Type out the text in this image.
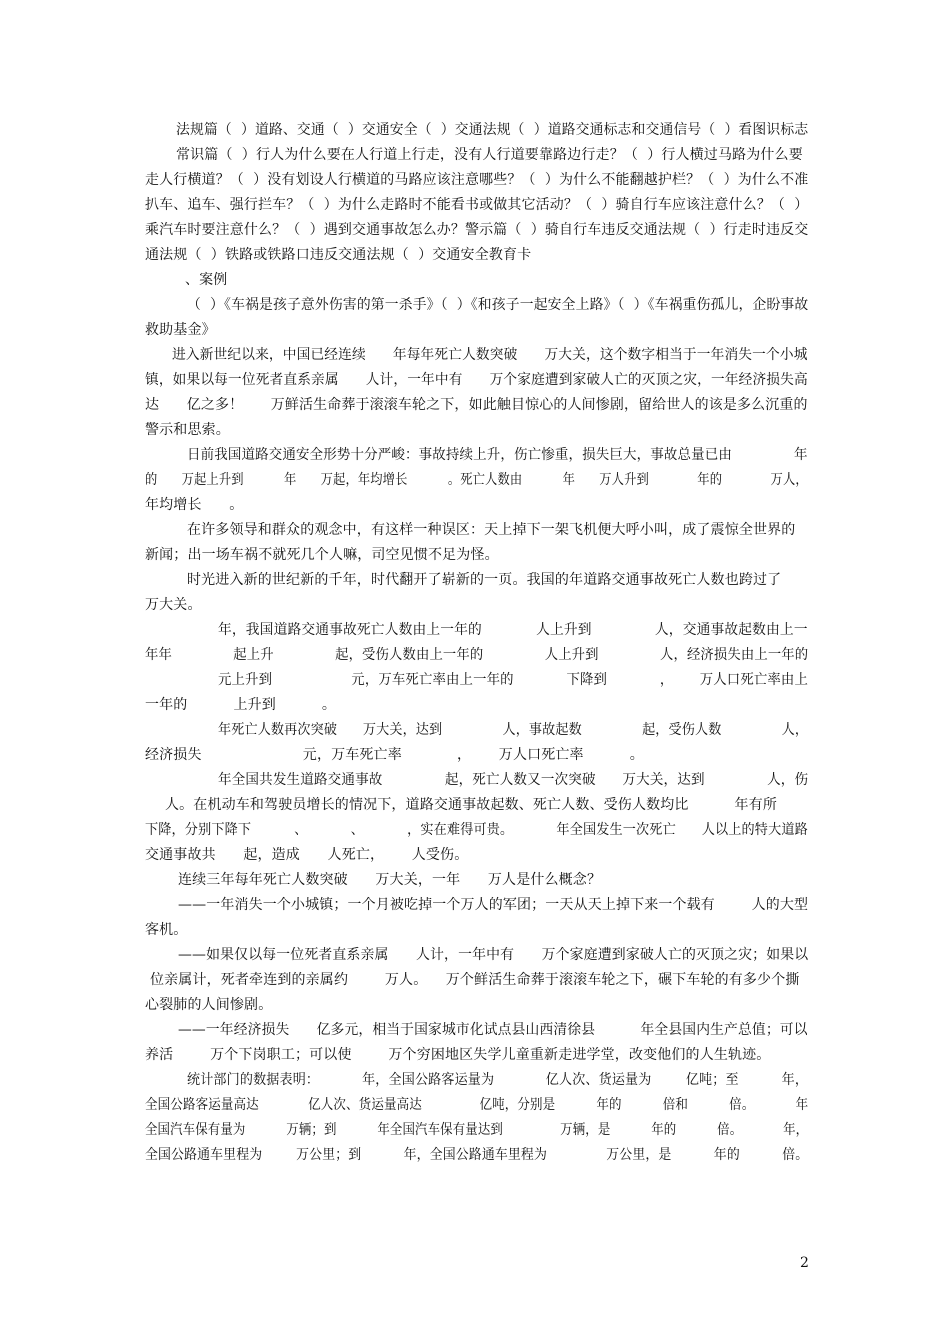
法规篇（  ）道路、交通（  ）交通安全（  ）交通法规（  ）道路交通标志和交通信号（  ）看图识标志
常识篇（  ）行人为什么要在人行道上行走，没有人行道要靠路边行走？（  ）行人横过马路为什么要
走人行横道？（  ）没有划设人行横道的马路应该注意哪些？（  ）为什么不能翻越护栏？（  ）为什么不准
扒车、追车、强行拦车？（  ）为什么走路时不能看书或做其它活动？（  ）骑自行车应该注意什么？（  ）
乘汽车时要注意什么？（  ）遇到交通事故怎么办？警示篇（  ）骑自行车违反交通法规（  ）行走时违反交
通法规（  ）铁路或铁路口违反交通法规（  ）交通安全教育卡
、案例
（  ）《车祸是孩子意外伤害的第一杀手》（  ）《和孩子一起安全上路》（  ）《车祸重伤孤儿，企盼事故
救助基金》
进入新世纪以来，中国已经连续      年每年死亡人数突破      万大关，这个数字相当于一年消失一个小城
镇，如果以每一位死者直系亲属      人计，一年中有      万个家庭遭到家破人亡的灭顶之灾，一年经济损失高
达      亿之多！      万鲜活生命葬于滚滚车轮之下，如此触目惊心的人间惨剧，留给世人的该是多么沉重的
警示和思索。
日前我国道路交通安全形势十分严峻：事故持续上升，伤亡惨重，损失巨大，事故总量已由              年
的      万起上升到          年      万起，年均增长          。死亡人数由          年      万人升到            年的            万人，
年均增长      。
在许多领导和群众的观念中，有这样一种误区：天上掉下一架飞机便大呼小叫，成了震惊全世界的
新闻；出一场车祸不就死几个人嘛，司空见惯不足为怪。
时光进入新的世纪新的千年，时代翻开了崭新的一页。我国的年道路交通事故死亡人数也跨过了
万大关。
年，我国道路交通事故死亡人数由上一年的            人上升到              人，交通事故起数由上一
年年              起上升              起，受伤人数由上一年的              人上升到              人，经济损失由上一年的
元上升到                  元，万车死亡率由上一年的            下降到            ，      万人口死亡率由上
一年的          上升到          。
年死亡人数再次突破      万大关，达到              人，事故起数              起，受伤人数              人，
经济损失                      元，万车死亡率            ，      万人口死亡率          。
年全国共发生道路交通事故              起，死亡人数又一次突破      万大关，达到              人，伤
人。在机动车和驾驶员增长的情况下，道路交通事故起数、死亡人数、受伤人数均比          年有所
下降，分别下降下          、          、          ，实在难得可贵。          年全国发生一次死亡      人以上的特大道路
交通事故共      起，造成      人死亡，      人受伤。
连续三年每年死亡人数突破      万大关，一年      万人是什么概念？
——一年消失一个小城镇；一个月被吃掉一个万人的军团；一天从天上掉下来一个载有        人的大型
客机。
——如果仅以每一位死者直系亲属      人计，一年中有      万个家庭遭到家破人亡的灭顶之灾；如果以
位亲属计，死者牵连到的亲属约        万人。    万个鲜活生命葬于滚滚车轮之下，碾下车轮的有多少个撕
心裂肺的人间惨剧。
——一年经济损失      亿多元，相当于国家城市化试点县山西清徐县          年全县国内生产总值；可以
养活        万个下岗职工；可以使        万个穷困地区失学儿童重新走进学堂，改变他们的人生轨迹。
统计部门的数据表明：          年，全国公路客运量为            亿人次、货运量为        亿吨；至          年，
全国公路客运量高达            亿人次、货运量高达              亿吨，分别是          年的          倍和          倍。          年
全国汽车保有量为          万辆；到          年全国汽车保有量达到              万辆，是          年的          倍。          年，
全国公路通车里程为        万公里；到          年，全国公路通车里程为              万公里，是          年的          倍。
2
